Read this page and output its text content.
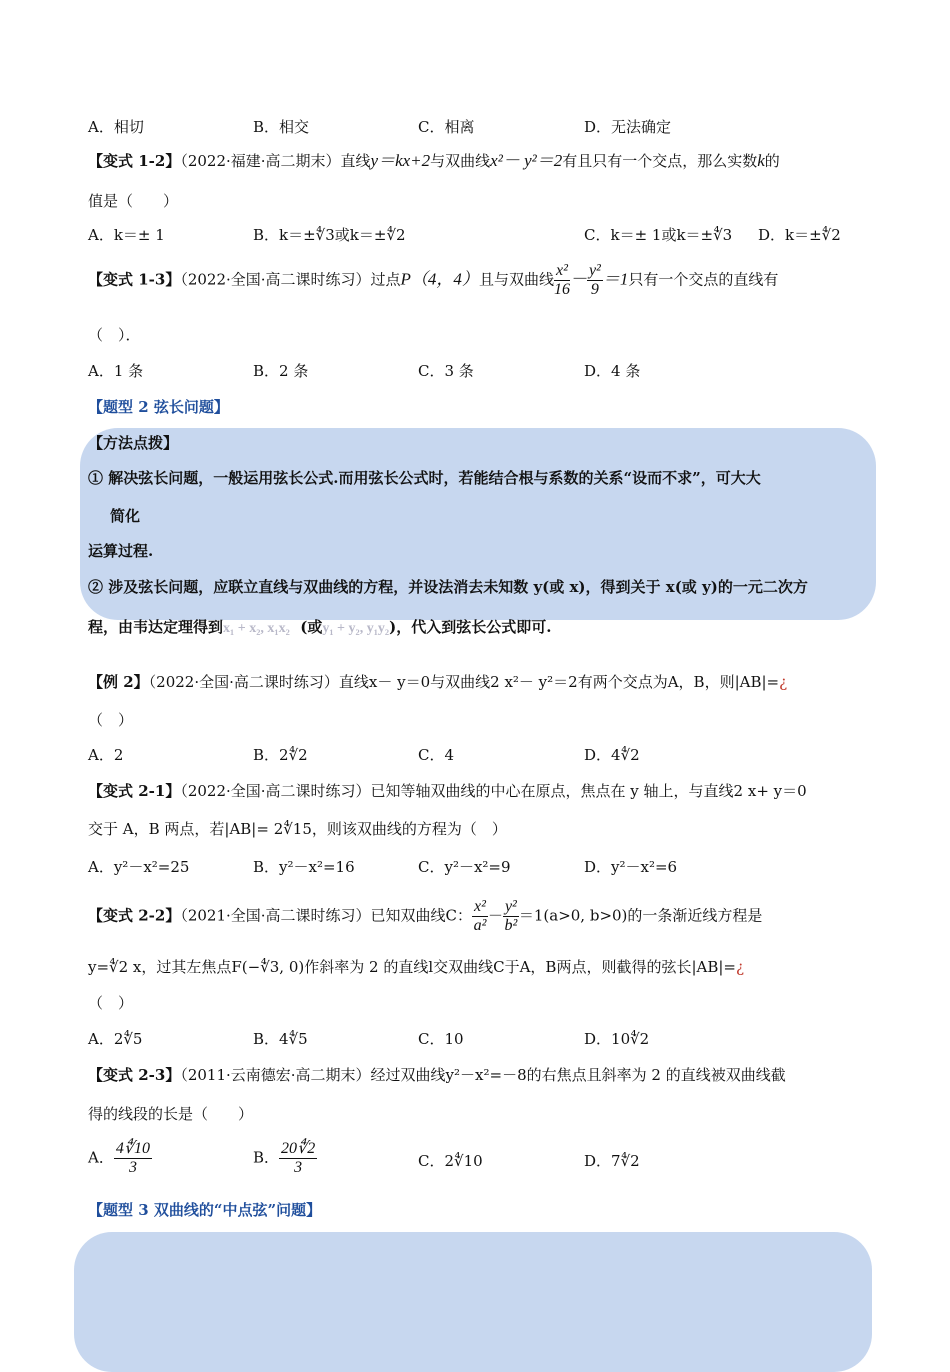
A．相切	B．相交	C．相离	D．无法确定
【变式 1-2】（2022·福建·高二期末）直线y＝kx+2与双曲线x²－ y²＝2有且只有一个交点，那么实数k的
值是（　　）
A．k＝± 1	B．k＝±∜3或k＝±∜2	C．k＝± 1或k＝±∜3 D．k＝±∜2
【变式 1-3】（2022·全国·高二课时练习）过点P（4，4）且与双曲线 $\frac{\text{x²}}{16} - \frac{\text{y²}}{9} =1$只有一个交点的直线有
（　）．
A．1 条	B．2 条	C．3 条	D．4 条
【题型 2 弦长问题】
【方法点拨】
① 解决弦长问题，一般运用弦长公式.而用弦长公式时，若能结合根与系数的关系“设而不求”，可大大
简化
运算过程.
② 涉及弦长问题，应联立直线与双曲线的方程，并设法消去未知数 y(或 x)，得到关于 x(或 y)的一元二次方
程，由韦达定理得到x₁ + x₂, x₁x₂ (或y₁ + y₂, y₁y₂)，代入到弦长公式即可.
【例 2】（2022·全国·高二课时练习）直线x－ y＝0与双曲线2 x²－ y²＝2有两个交点为A，B，则|AB|=¿
（　）
A．2	B．2∜2	C．4	D．4∜2
【变式 2-1】（2022·全国·高二课时练习）已知等轴双曲线的中心在原点，焦点在 y 轴上，与直线2 x+ y＝0
交于 A，B 两点，若|AB|= 2∜15，则该双曲线的方程为（　）
A．y²－x²=25	B．y²－x²=16	C．y²－x²=9	D．y²－x²=6
【变式 2-2】（2021·全国·高二课时练习）已知双曲线C： $\frac{\text{x²}}{\text{a²}} - \frac{\text{y²}}{\text{b²}} =1(a>0$, b>0)的一条渐近线方程是
y=∜2 x，过其左焦点F(−∜3, 0)作斜率为 2 的直线l交双曲线C于A，B两点，则截得的弦长|AB|=¿
（　）
A．2∜5	B．4∜5	C．10	D．10∜2
【变式 2-3】（2011·云南德宏·高二期末）经过双曲线y²－x²=－8的右焦点且斜率为 2 的直线被双曲线截
得的线段的长是（　　）
A． $\frac{4∜10}{3}$	B． $\frac{20∜2}{3}$	C．2∜10	D．7∜2
【题型 3 双曲线的“中点弦”问题】
